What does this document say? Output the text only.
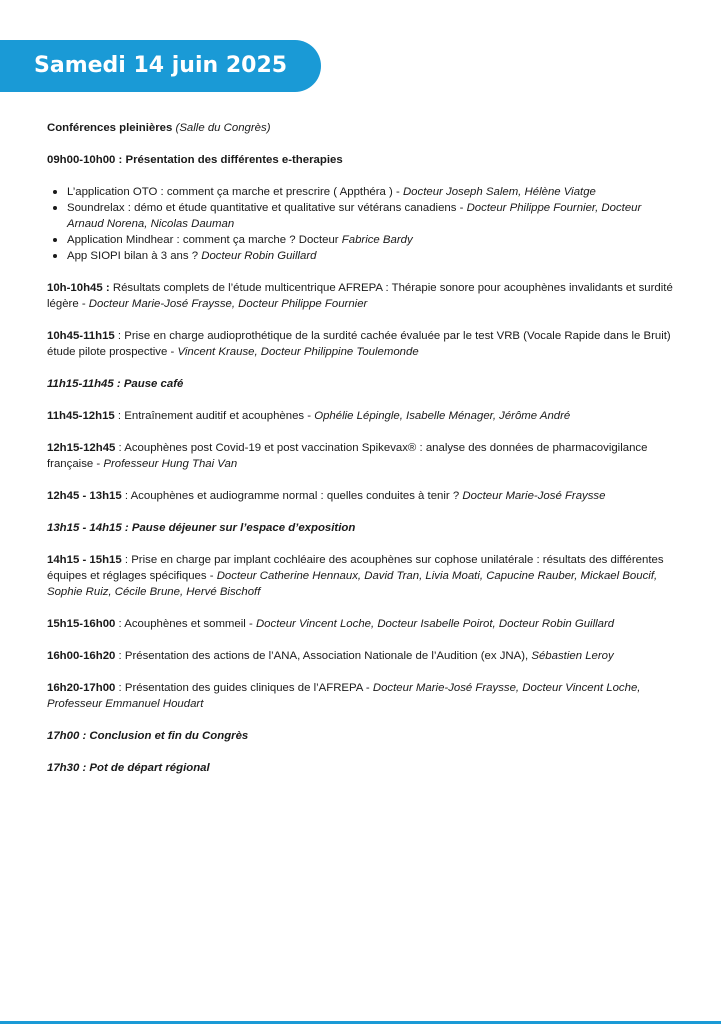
Samedi 14 juin 2025
Conférences pleinières (Salle du Congrès)
09h00-10h00 : Présentation des différentes e-therapies
L’application OTO : comment ça marche et prescrire ( Appthéra ) - Docteur Joseph Salem, Hélène Viatge
Soundrelax : démo et étude quantitative et qualitative sur vétérans canadiens - Docteur Philippe Fournier, Docteur Arnaud Norena, Nicolas Dauman
Application Mindhear : comment ça marche ? Docteur Fabrice Bardy
App SIOPI bilan à 3 ans ? Docteur Robin Guillard
10h-10h45 : Résultats complets de l’étude multicentrique AFREPA : Thérapie sonore pour acouphènes invalidants et surdité légère - Docteur Marie-José Fraysse, Docteur Philippe Fournier
10h45-11h15 : Prise en charge audioprothétique de la surdité cachée évaluée par le test VRB (Vocale Rapide dans le Bruit) étude pilote prospective - Vincent Krause, Docteur Philippine Toulemonde
11h15-11h45 : Pause café
11h45-12h15 : Entraînement auditif et acouphènes - Ophélie Lépingle, Isabelle Ménager, Jérôme André
12h15-12h45 : Acouphènes post Covid-19 et post vaccination Spikevax® : analyse des données de pharmacovigilance française - Professeur Hung Thai Van
12h45 - 13h15 : Acouphènes et audiogramme normal : quelles conduites à tenir ? Docteur Marie-José Fraysse
13h15 - 14h15 : Pause déjeuner sur l’espace d’exposition
14h15 - 15h15 : Prise en charge par implant cochléaire des acouphènes sur cophose unilatérale : résultats des différentes équipes et réglages spécifiques - Docteur Catherine Hennaux, David Tran, Livia Moati, Capucine Rauber, Mickael Boucif, Sophie Ruiz, Cécile Brune, Hervé Bischoff
15h15-16h00 : Acouphènes et sommeil - Docteur Vincent Loche, Docteur Isabelle Poirot, Docteur Robin Guillard
16h00-16h20 : Présentation des actions de l’ANA, Association Nationale de l’Audition (ex JNA), Sébastien Leroy
16h20-17h00 : Présentation des guides cliniques de l’AFREPA - Docteur Marie-José Fraysse, Docteur Vincent Loche, Professeur Emmanuel Houdart
17h00 : Conclusion et fin du Congrès
17h30 : Pot de départ régional
